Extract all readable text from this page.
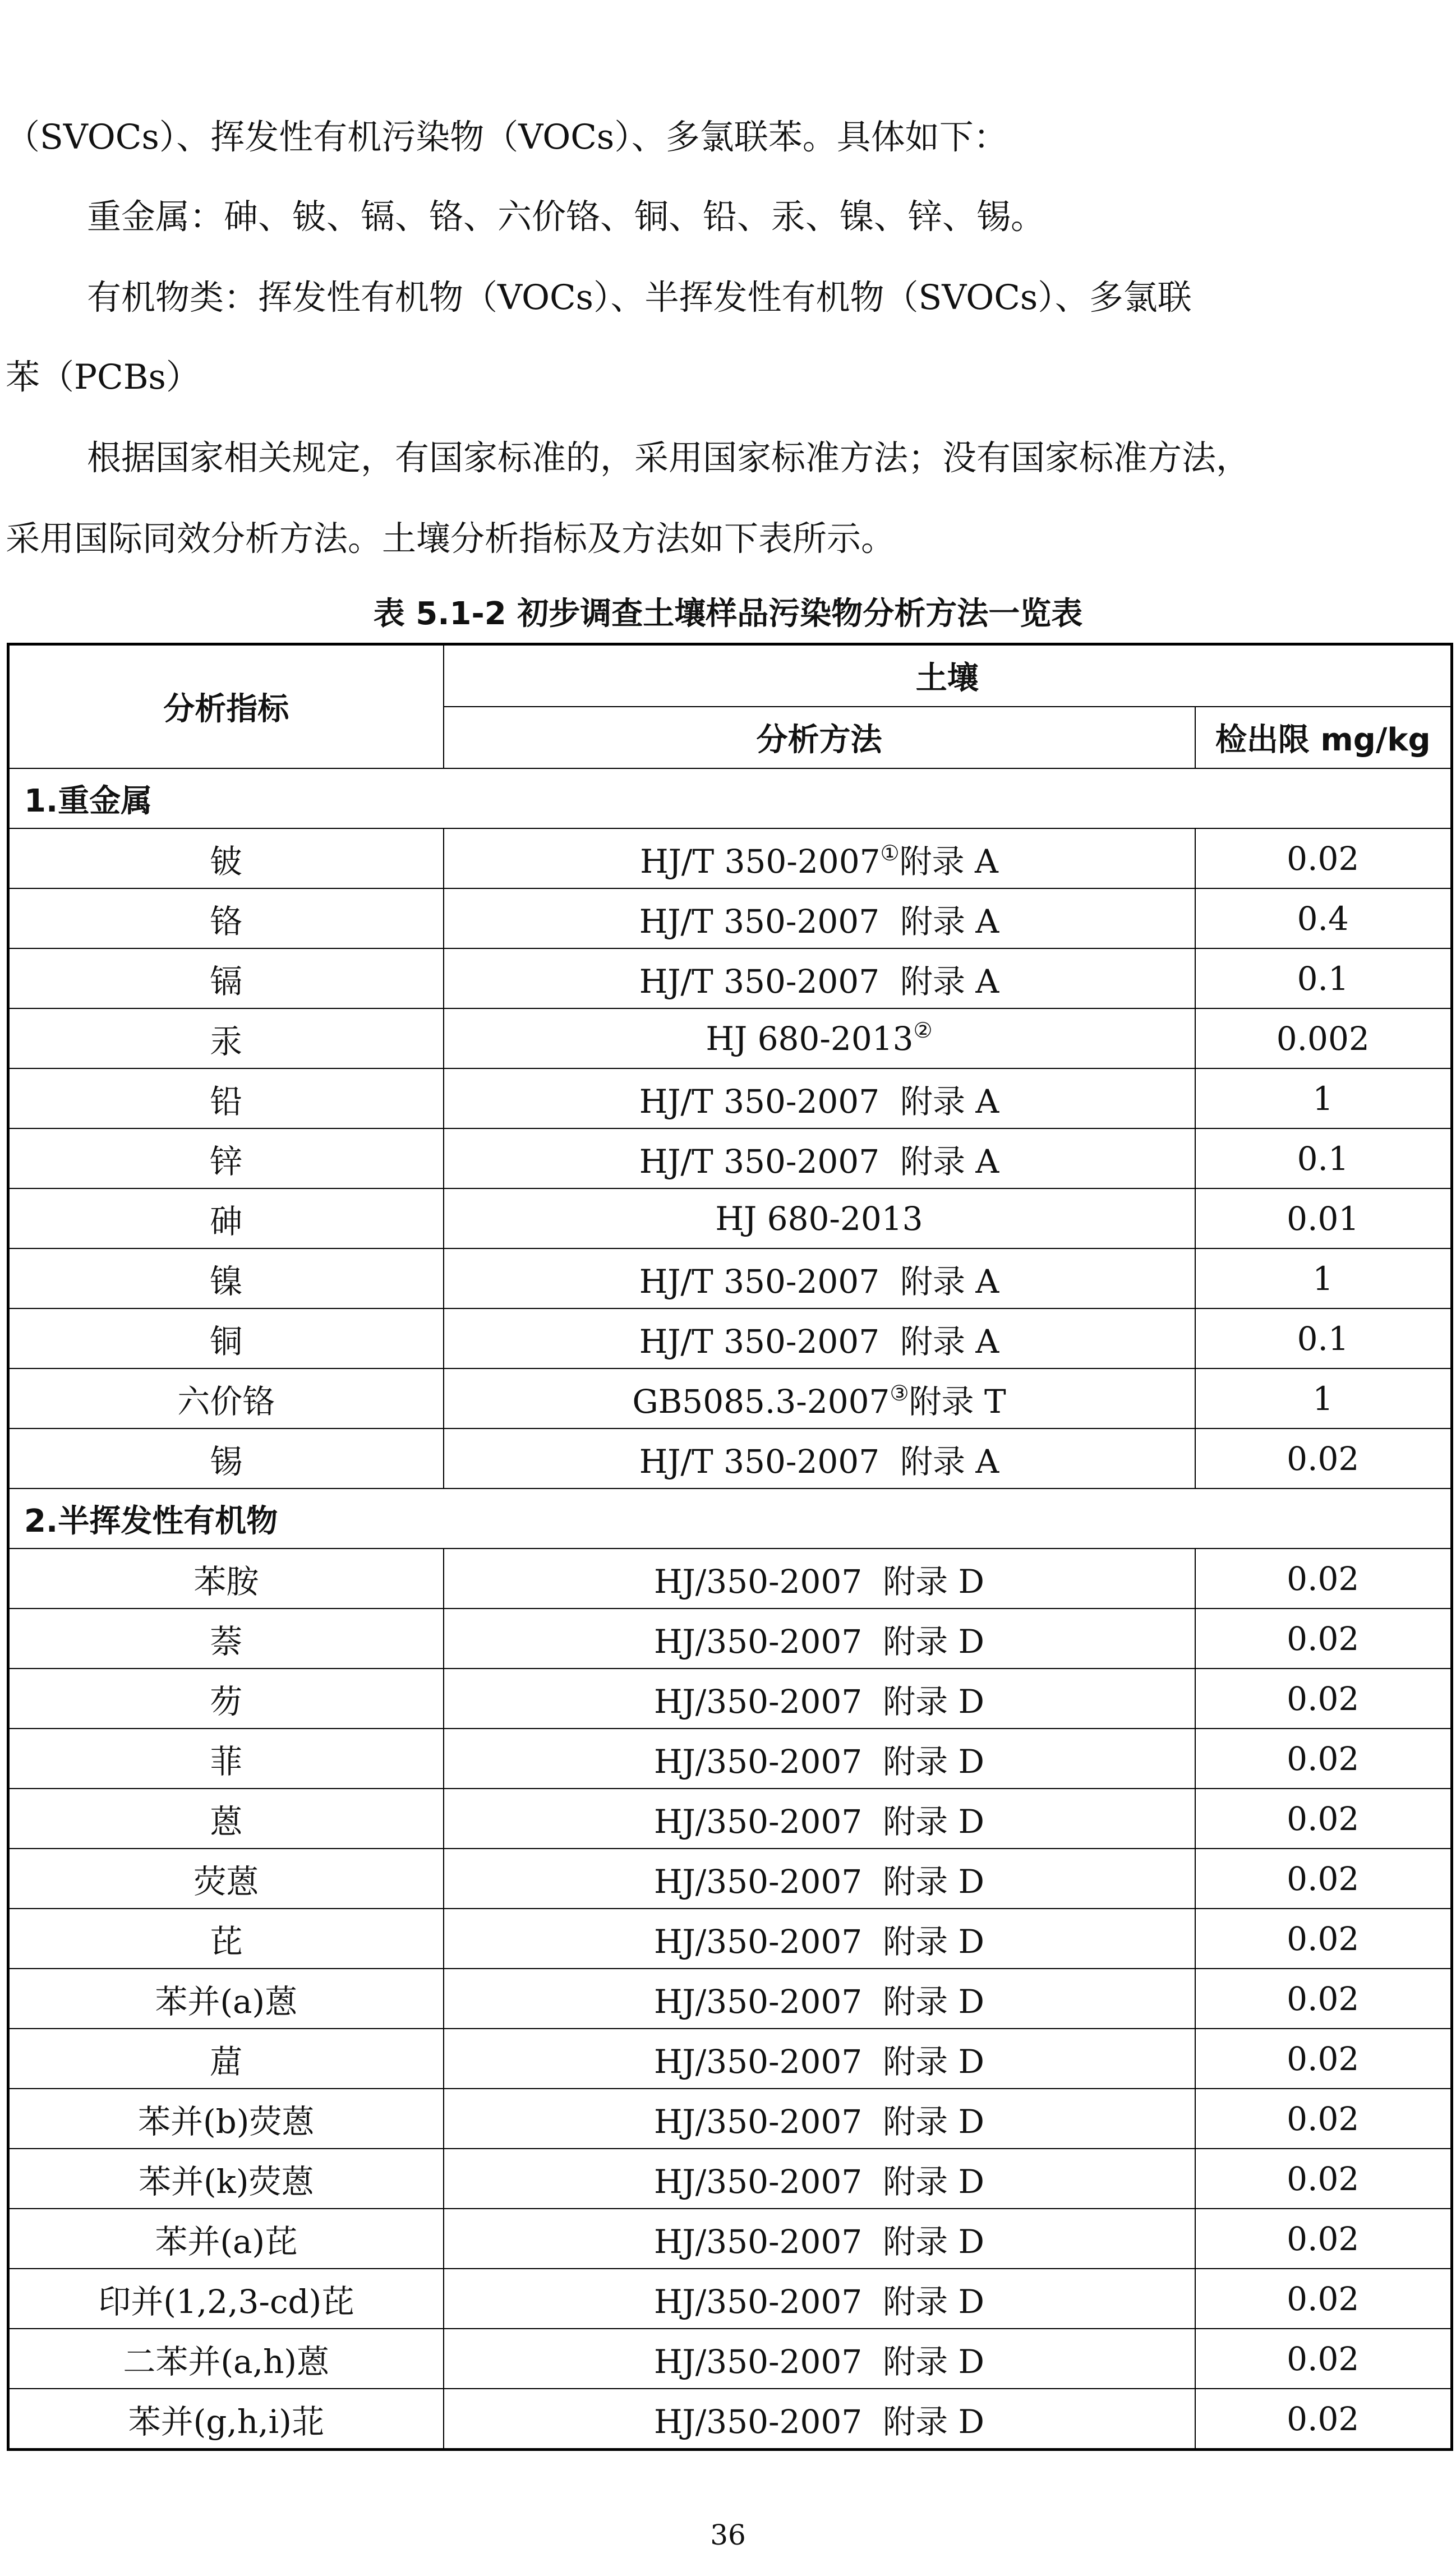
（SVOCs）、挥发性有机污染物（VOCs）、多氯联苯。具体如下：

重金属：砷、铍、镉、铬、六价铬、铜、铅、汞、镍、锌、锡。

有机物类：挥发性有机物（VOCs）、半挥发性有机物（SVOCs）、多氯联

苯（PCBs）

根据国家相关规定，有国家标准的，采用国家标准方法；没有国家标准方法，

采用国际同效分析方法。土壤分析指标及方法如下表所示。

表 5.1-2 初步调查土壤样品污染物分析方法一览表

分析指标	土壤	
	分析方法	检出限 mg/kg
1.重金属		
铍	HJ/T 350-2007①附录 A	0.02
铬	HJ/T 350-2007 附录 A	0.4
镉	HJ/T 350-2007 附录 A	0.1
汞	HJ 680-2013②	0.002
铅	HJ/T 350-2007 附录 A	1
锌	HJ/T 350-2007 附录 A	0.1
砷	HJ 680-2013	0.01
镍	HJ/T 350-2007 附录 A	1
铜	HJ/T 350-2007 附录 A	0.1
六价铬	GB5085.3-2007③附录 T	1
锡	HJ/T 350-2007 附录 A	0.02
2.半挥发性有机物		
苯胺	HJ/350-2007 附录 D	0.02
萘	HJ/350-2007 附录 D	0.02
芴	HJ/350-2007 附录 D	0.02
菲	HJ/350-2007 附录 D	0.02
蒽	HJ/350-2007 附录 D	0.02
荧蒽	HJ/350-2007 附录 D	0.02
芘	HJ/350-2007 附录 D	0.02
苯并(a)蒽	HJ/350-2007 附录 D	0.02
䓛	HJ/350-2007 附录 D	0.02
苯并(b)荧蒽	HJ/350-2007 附录 D	0.02
苯并(k)荧蒽	HJ/350-2007 附录 D	0.02
苯并(a)芘	HJ/350-2007 附录 D	0.02
印并(1,2,3-cd)芘	HJ/350-2007 附录 D	0.02
二苯并(a,h)蒽	HJ/350-2007 附录 D	0.02
苯并(g,h,i)苝	HJ/350-2007 附录 D	0.02
36
